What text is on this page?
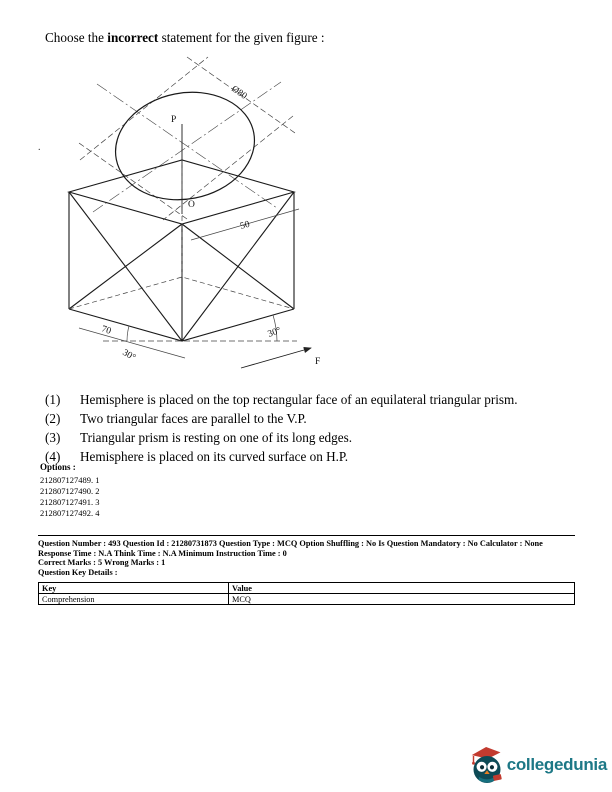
Choose the incorrect statement for the given figure :
.
Ø80
P
O
50
70
30°
30°
F
(1)	Hemisphere is placed on the top rectangular face of an equilateral triangular prism.
(2)	Two triangular faces are parallel to the V.P.
(3)	Triangular prism is resting on one of its long edges.
(4)	Hemisphere is placed on its curved surface on H.P.
Options :
212807127489. 1
212807127490. 2
212807127491. 3
212807127492. 4
Question Number : 493 Question Id : 21280731873 Question Type : MCQ Option Shuffling : No Is Question Mandatory : No Calculator : None
Response Time : N.A Think Time : N.A Minimum Instruction Time : 0
Correct Marks : 5 Wrong Marks : 1
Question Key Details :
Key	Value
Comprehension	MCQ
collegedunia
